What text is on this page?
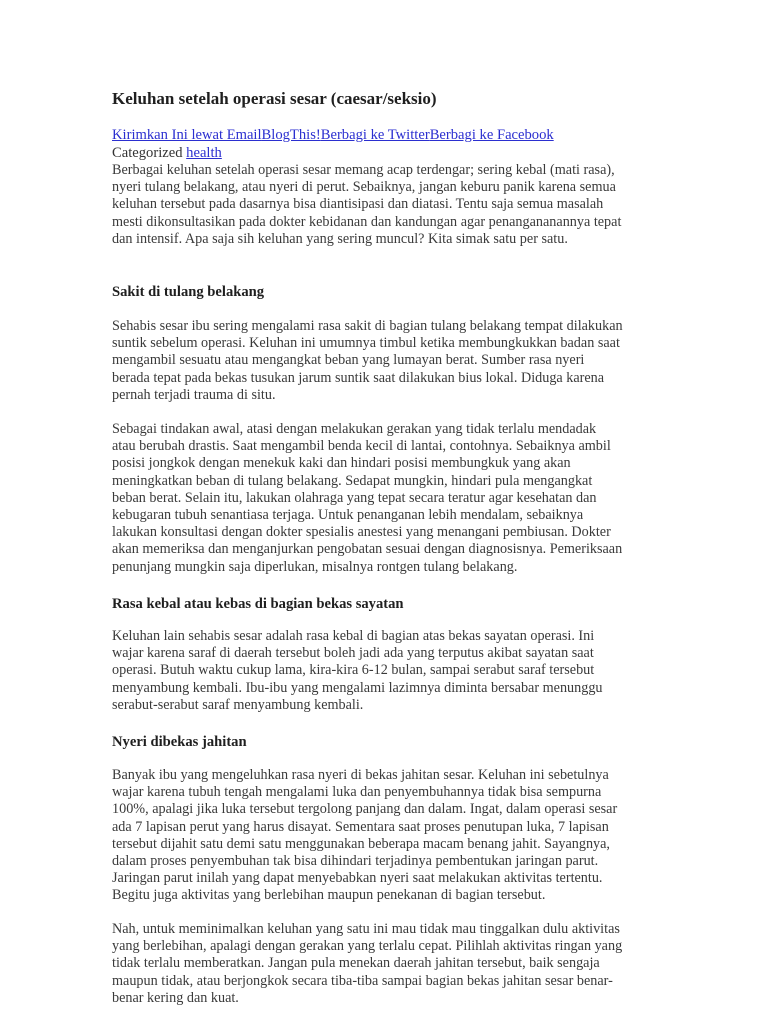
Keluhan setelah operasi sesar (caesar/seksio)
Kirimkan Ini lewat EmailBlogThis!Berbagi ke TwitterBerbagi ke Facebook
Categorized health

Berbagai keluhan setelah operasi sesar memang acap terdengar; sering kebal (mati rasa),
nyeri tulang belakang, atau nyeri di perut. Sebaiknya, jangan keburu panik karena semua
keluhan tersebut pada dasarnya bisa diantisipasi dan diatasi. Tentu saja semua masalah
mesti dikonsultasikan pada dokter kebidanan dan kandungan agar penangananannya tepat
dan intensif. Apa saja sih keluhan yang sering muncul? Kita simak satu per satu.

Sakit di tulang belakang

Sehabis sesar ibu sering mengalami rasa sakit di bagian tulang belakang tempat dilakukan
suntik sebelum operasi. Keluhan ini umumnya timbul ketika membungkukkan badan saat
mengambil sesuatu atau mengangkat beban yang lumayan berat. Sumber rasa nyeri
berada tepat pada bekas tusukan jarum suntik saat dilakukan bius lokal. Diduga karena
pernah terjadi trauma di situ.

Sebagai tindakan awal, atasi dengan melakukan gerakan yang tidak terlalu mendadak
atau berubah drastis. Saat mengambil benda kecil di lantai, contohnya. Sebaiknya ambil
posisi jongkok dengan menekuk kaki dan hindari posisi membungkuk yang akan
meningkatkan beban di tulang belakang. Sedapat mungkin, hindari pula mengangkat
beban berat. Selain itu, lakukan olahraga yang tepat secara teratur agar kesehatan dan
kebugaran tubuh senantiasa terjaga. Untuk penanganan lebih mendalam, sebaiknya
lakukan konsultasi dengan dokter spesialis anestesi yang menangani pembiusan. Dokter
akan memeriksa dan menganjurkan pengobatan sesuai dengan diagnosisnya. Pemeriksaan
penunjang mungkin saja diperlukan, misalnya rontgen tulang belakang.

Rasa kebal atau kebas di bagian bekas sayatan

Keluhan lain sehabis sesar adalah rasa kebal di bagian atas bekas sayatan operasi. Ini
wajar karena saraf di daerah tersebut boleh jadi ada yang terputus akibat sayatan saat
operasi. Butuh waktu cukup lama, kira-kira 6-12 bulan, sampai serabut saraf tersebut
menyambung kembali. Ibu-ibu yang mengalami lazimnya diminta bersabar menunggu
serabut-serabut saraf menyambung kembali.

Nyeri dibekas jahitan

Banyak ibu yang mengeluhkan rasa nyeri di bekas jahitan sesar. Keluhan ini sebetulnya
wajar karena tubuh tengah mengalami luka dan penyembuhannya tidak bisa sempurna
100%, apalagi jika luka tersebut tergolong panjang dan dalam. Ingat, dalam operasi sesar
ada 7 lapisan perut yang harus disayat. Sementara saat proses penutupan luka, 7 lapisan
tersebut dijahit satu demi satu menggunakan beberapa macam benang jahit. Sayangnya,
dalam proses penyembuhan tak bisa dihindari terjadinya pembentukan jaringan parut.
Jaringan parut inilah yang dapat menyebabkan nyeri saat melakukan aktivitas tertentu.
Begitu juga aktivitas yang berlebihan maupun penekanan di bagian tersebut.

Nah, untuk meminimalkan keluhan yang satu ini mau tidak mau tinggalkan dulu aktivitas
yang berlebihan, apalagi dengan gerakan yang terlalu cepat. Pilihlah aktivitas ringan yang
tidak terlalu memberatkan. Jangan pula menekan daerah jahitan tersebut, baik sengaja
maupun tidak, atau berjongkok secara tiba-tiba sampai bagian bekas jahitan sesar benar-
benar kering dan kuat.
